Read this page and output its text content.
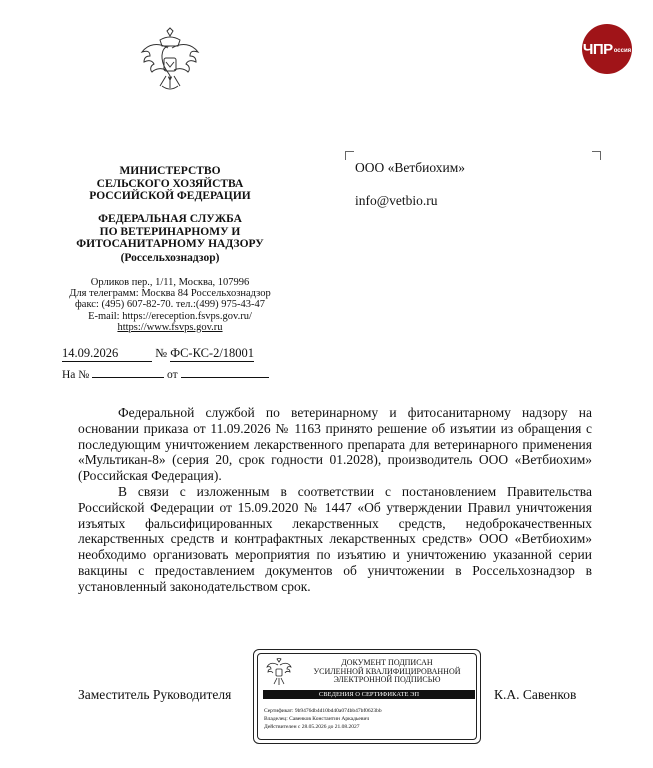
ЧПР оссия
МИНИСТЕРСТВО
СЕЛЬСКОГО ХОЗЯЙСТВА
РОССИЙСКОЙ ФЕДЕРАЦИИ
ФЕДЕРАЛЬНАЯ СЛУЖБА
ПО ВЕТЕРИНАРНОМУ И
ФИТОСАНИТАРНОМУ НАДЗОРУ
(Россельхознадзор)
Орликов пер., 1/11, Москва, 107996
Для телеграмм: Москва 84 Россельхознадзор
факс: (495) 607-82-70. тел.:(499) 975-43-47
E-mail: https://ereception.fsvps.gov.ru/
https://www.fsvps.gov.ru
14.09.2026	№ ФС-КС-2/18001
На №	от
ООО «Ветбиохим»
info@vetbio.ru

Федеральной службой по ветеринарному и фитосанитарному надзору на основании приказа от 11.09.2026 № 1163 принято решение об изъятии из обращения с последующим уничтожением лекарственного препарата для ветеринарного применения «Мультикан-8» (серия 20, срок годности 01.2028), производитель ООО «Ветбиохим» (Российская Федерация).

В связи с изложенным в соответствии с постановлением Правительства Российской Федерации от 15.09.2020 № 1447 «Об утверждении Правил уничтожения изъятых фальсифицированных лекарственных средств, недоброкачественных лекарственных средств и контрафактных лекарственных средств» ООО «Ветбиохим» необходимо организовать мероприятия по изъятию и уничтожению указанной серии вакцины с предоставлением документов об уничтожении в Россельхознадзор в установленный законодательством срок.

Заместитель Руководителя	К.А. Савенков
ДОКУМЕНТ ПОДПИСАН
УСИЛЕННОЙ КВАЛИФИЦИРОВАННОЙ
ЭЛЕКТРОННОЙ ПОДПИСЬЮ
СВЕДЕНИЯ О СЕРТИФИКАТЕ ЭП
Сертификат: 9b9476db4d10bd40a074bb47bf0623bb
Владелец: Савенков Константин Аркадьевич
Действителен с 28.05.2026 до 21.08.2027
